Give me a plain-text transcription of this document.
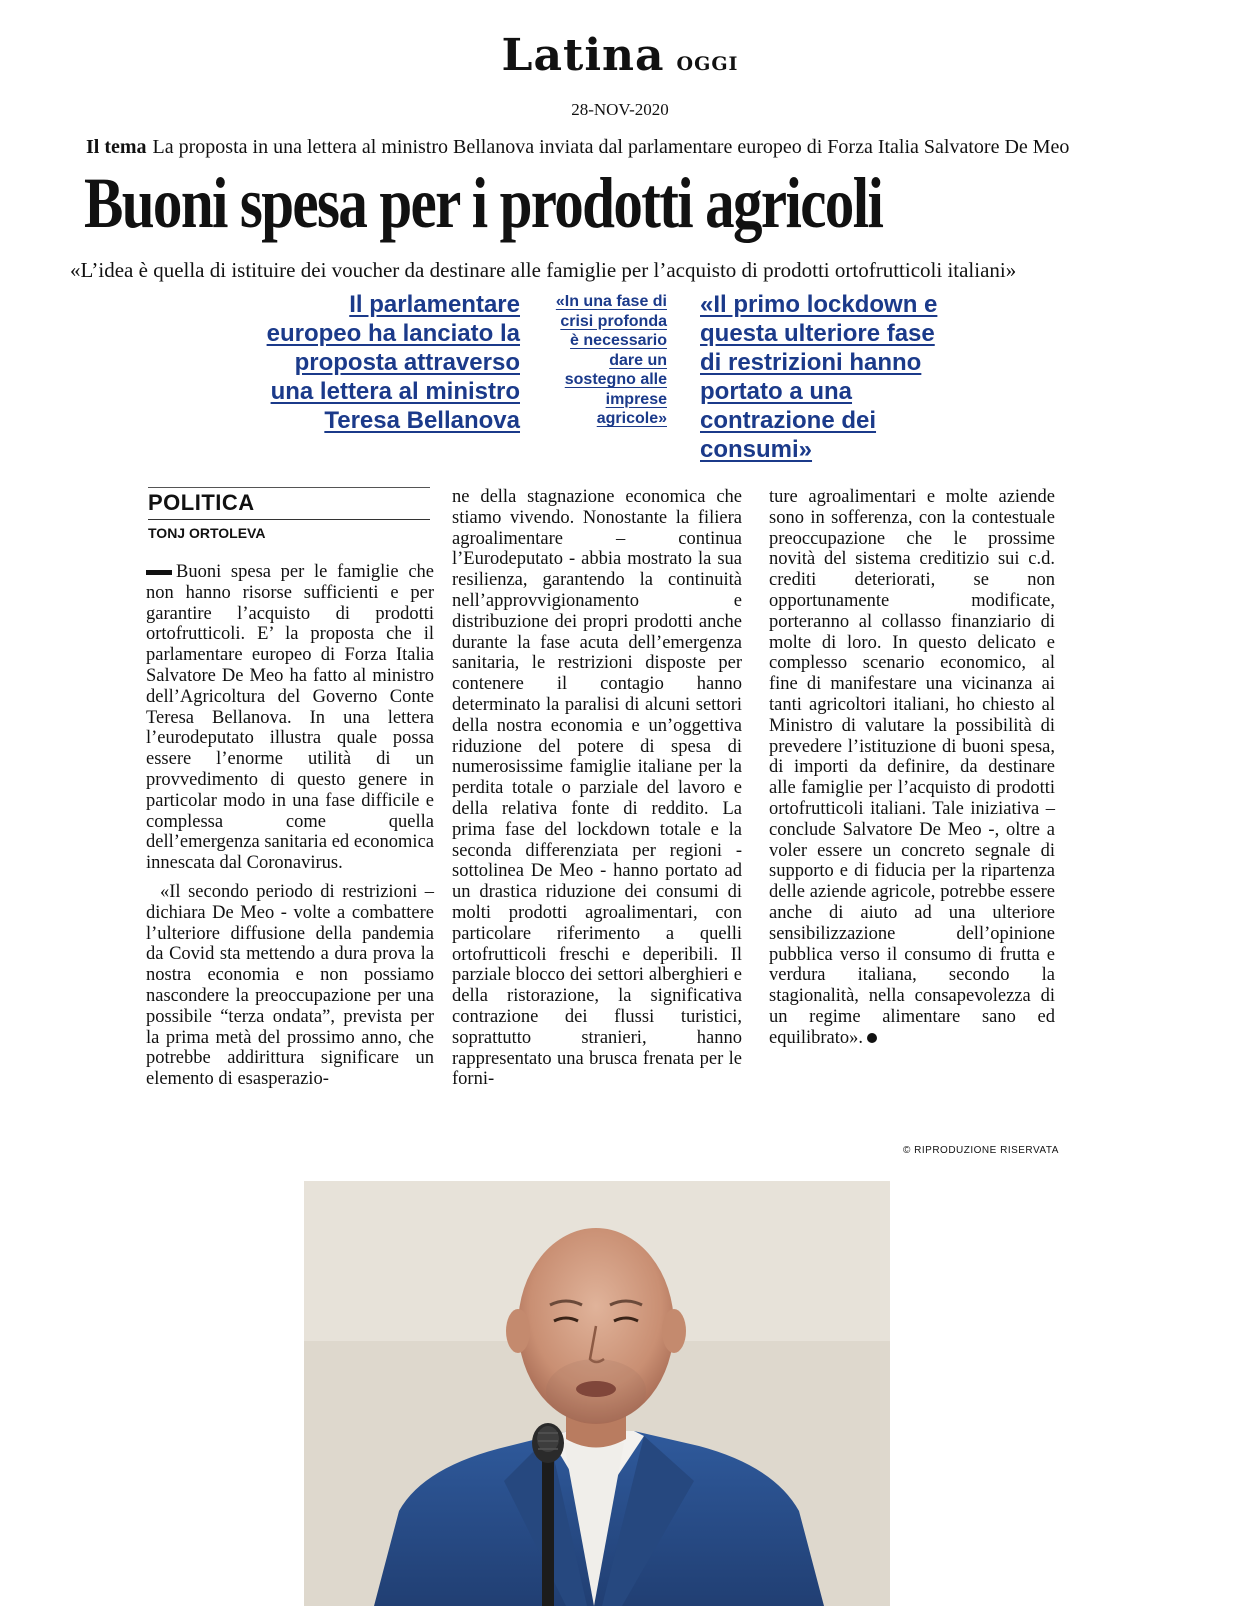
Latina OGGI
28-NOV-2020
Il tema La proposta in una lettera al ministro Bellanova inviata dal parlamentare europeo di Forza Italia Salvatore De Meo
Buoni spesa per i prodotti agricoli
«L’idea è quella di istituire dei voucher da destinare alle famiglie per l’acquisto di prodotti ortofrutticoli italiani»
Il parlamentare
europeo ha lanciato la
proposta attraverso
una lettera al ministro
Teresa Bellanova
«In una fase di
crisi profonda
è necessario
dare un
sostegno alle
imprese
agricole»
«Il primo lockdown e
questa ulteriore fase
di restrizioni hanno
portato a una
contrazione dei
consumi»
POLITICA
TONJ ORTOLEVA

Buoni spesa per le famiglie che non hanno risorse sufficienti e per garantire l’acquisto di prodotti ortofrutticoli. E’ la proposta che il parlamentare europeo di Forza Italia Salvatore De Meo ha fatto al ministro dell’Agricoltura del Governo Conte Teresa Bellanova. In una lettera l’eurodeputato illustra quale possa essere l’enorme utilità di un provvedimento di questo genere in particolar modo in una fase difficile e complessa come quella dell’emergenza sanitaria ed economica innescata dal Coronavirus.

«Il secondo periodo di restrizioni – dichiara De Meo - volte a combattere l’ulteriore diffusione della pandemia da Covid sta mettendo a dura prova la nostra economia e non possiamo nascondere la preoccupazione per una possibile “terza ondata”, prevista per la prima metà del prossimo anno, che potrebbe addirittura significare un elemento di esasperazio-

ne della stagnazione economica che stiamo vivendo. Nonostante la filiera agroalimentare – continua l’Eurodeputato - abbia mostrato la sua resilienza, garantendo la continuità nell’approvvigionamento e distribuzione dei propri prodotti anche durante la fase acuta dell’emergenza sanitaria, le restrizioni disposte per contenere il contagio hanno determinato la paralisi di alcuni settori della nostra economia e un’oggettiva riduzione del potere di spesa di numerosissime famiglie italiane per la perdita totale o parziale del lavoro e della relativa fonte di reddito. La prima fase del lockdown totale e la seconda differenziata per regioni - sottolinea De Meo - hanno portato ad un drastica riduzione dei consumi di molti prodotti agroalimentari, con particolare riferimento a quelli ortofrutticoli freschi e deperibili. Il parziale blocco dei settori alberghieri e della ristorazione, la significativa contrazione dei flussi turistici, soprattutto stranieri, hanno rappresentato una brusca frenata per le forni-

ture agroalimentari e molte aziende sono in sofferenza, con la contestuale preoccupazione che le prossime novità del sistema creditizio sui c.d. crediti deteriorati, se non opportunamente modificate, porteranno al collasso finanziario di molte di loro. In questo delicato e complesso scenario economico, al fine di manifestare una vicinanza ai tanti agricoltori italiani, ho chiesto al Ministro di valutare la possibilità di prevedere l’istituzione di buoni spesa, di importi da definire, da destinare alle famiglie per l’acquisto di prodotti ortofrutticoli italiani. Tale iniziativa – conclude Salvatore De Meo -, oltre a voler essere un concreto segnale di supporto e di fiducia per la ripartenza delle aziende agricole, potrebbe essere anche di aiuto ad una ulteriore sensibilizzazione dell’opinione pubblica verso il consumo di frutta e verdura italiana, secondo la stagionalità, nella consapevolezza di un regime alimentare sano ed equilibrato».

© RIPRODUZIONE RISERVATA
